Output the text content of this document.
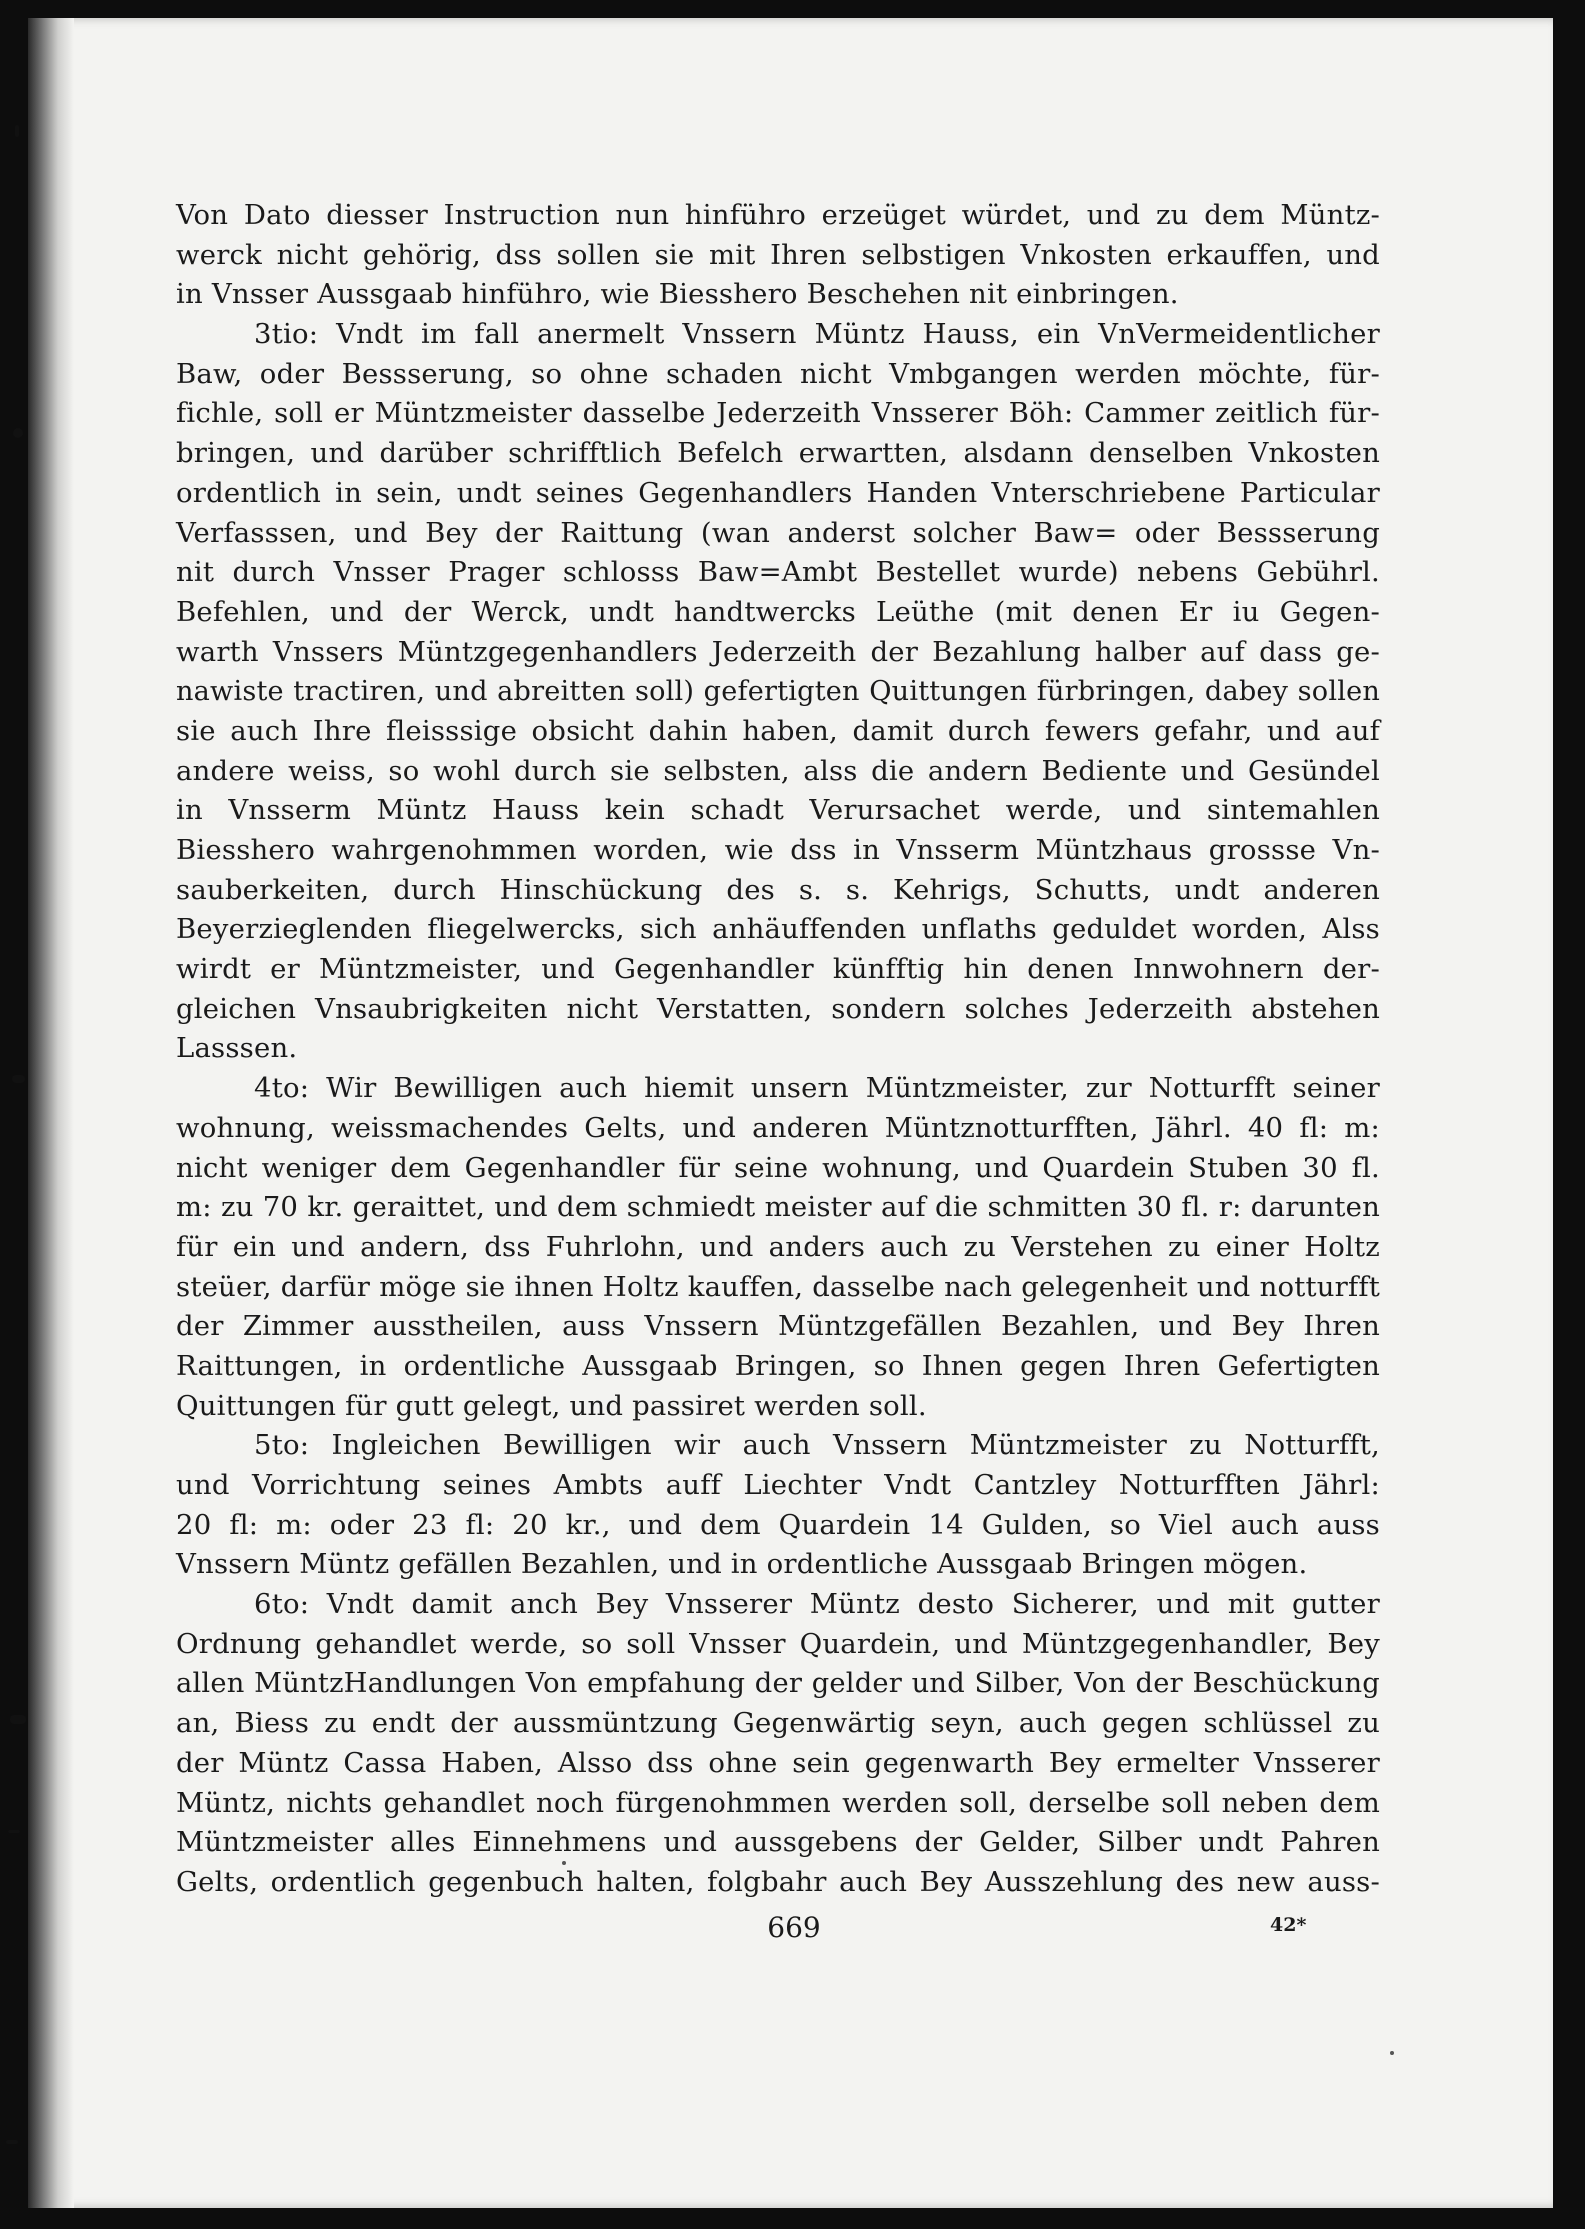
Von Dato diesser Instruction nun hinführo erzeüget würdet, und zu dem Müntz-
werck nicht gehörig, dss sollen sie mit Ihren selbstigen Vnkosten erkauffen, und
in Vnsser Aussgaab hinführo, wie Biesshero Beschehen nit einbringen.
3tio: Vndt im fall anermelt Vnssern Müntz Hauss, ein VnVermeidentlicher
Baw, oder Bessserung, so ohne schaden nicht Vmbgangen werden möchte, für-
fichle, soll er Müntzmeister dasselbe Jederzeith Vnsserer Böh: Cammer zeitlich für-
bringen, und darüber schrifftlich Befelch erwartten, alsdann denselben Vnkosten
ordentlich in sein, undt seines Gegenhandlers Handen Vnterschriebene Particular
Verfasssen, und Bey der Raittung (wan anderst solcher Baw= oder Bessserung
nit durch Vnsser Prager schlosss Baw=Ambt Bestellet wurde) nebens Gebührl.
Befehlen, und der Werck, undt handtwercks Leüthe (mit denen Er iu Gegen-
warth Vnssers Müntzgegenhandlers Jederzeith der Bezahlung halber auf dass ge-
nawiste tractiren, und abreitten soll) gefertigten Quittungen fürbringen, dabey sollen
sie auch Ihre fleisssige obsicht dahin haben, damit durch fewers gefahr, und auf
andere weiss, so wohl durch sie selbsten, alss die andern Bediente und Gesündel
in Vnsserm Müntz Hauss kein schadt Verursachet werde, und sintemahlen
Biesshero wahrgenohmmen worden, wie dss in Vnsserm Müntzhaus grossse Vn-
sauberkeiten, durch Hinschückung des s. s. Kehrigs, Schutts, undt anderen
Beyerzieglenden fliegelwercks, sich anhäuffenden unflaths geduldet worden, Alss
wirdt er Müntzmeister, und Gegenhandler künfftig hin denen Innwohnern der-
gleichen Vnsaubrigkeiten nicht Verstatten, sondern solches Jederzeith abstehen
Lasssen.
4to: Wir Bewilligen auch hiemit unsern Müntzmeister, zur Notturfft seiner
wohnung, weissmachendes Gelts, und anderen Müntznotturfften, Jährl. 40 fl: m:
nicht weniger dem Gegenhandler für seine wohnung, und Quardein Stuben 30 fl.
m: zu 70 kr. geraittet, und dem schmiedt meister auf die schmitten 30 fl. r: darunten
für ein und andern, dss Fuhrlohn, und anders auch zu Verstehen zu einer Holtz
steüer, darfür möge sie ihnen Holtz kauffen, dasselbe nach gelegenheit und notturfft
der Zimmer ausstheilen, auss Vnssern Müntzgefällen Bezahlen, und Bey Ihren
Raittungen, in ordentliche Aussgaab Bringen, so Ihnen gegen Ihren Gefertigten
Quittungen für gutt gelegt, und passiret werden soll.
5to: Ingleichen Bewilligen wir auch Vnssern Müntzmeister zu Notturfft,
und Vorrichtung seines Ambts auff Liechter Vndt Cantzley Notturfften Jährl:
20 fl: m: oder 23 fl: 20 kr., und dem Quardein 14 Gulden, so Viel auch auss
Vnssern Müntz gefällen Bezahlen, und in ordentliche Aussgaab Bringen mögen.
6to: Vndt damit anch Bey Vnsserer Müntz desto Sicherer, und mit gutter
Ordnung gehandlet werde, so soll Vnsser Quardein, und Müntzgegenhandler, Bey
allen MüntzHandlungen Von empfahung der gelder und Silber, Von der Beschückung
an, Biess zu endt der aussmüntzung Gegenwärtig seyn, auch gegen schlüssel zu
der Müntz Cassa Haben, Alsso dss ohne sein gegenwarth Bey ermelter Vnsserer
Müntz, nichts gehandlet noch fürgenohmmen werden soll, derselbe soll neben dem
Müntzmeister alles Einnehmens und aussgebens der Gelder, Silber undt Pahren
Gelts, ordentlich gegenbuch halten, folgbahr auch Bey Ausszehlung des new auss-
669	42*
